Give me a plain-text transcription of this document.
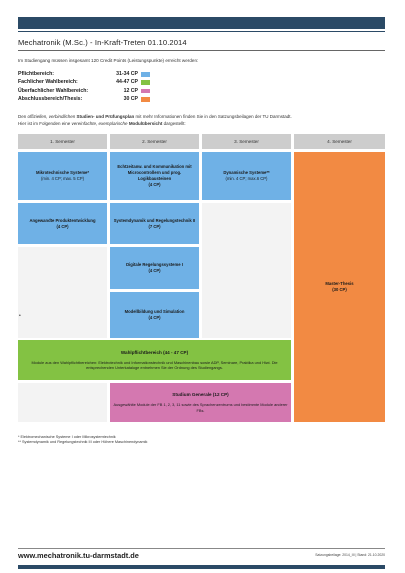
Mechatronik (M.Sc.) - In-Kraft-Treten 01.10.2014
Im Studiengang müssen insgesamt 120 Credit Points (Leistungspunkte) erreicht werden:
Pflichtbereich:	31-34 CP
Fachlicher Wahlbereich:	44-47 CP
Überfachlicher Wahlbereich:	12 CP
Abschlussbereich/Thesis:	30 CP
Den offiziellen, verbindlichen Studien- und Prüfungsplan mit mehr Informationen finden Sie in den Satzungsbeilagen der TU Darmstadt.
Hier ist im Folgenden eine vereinfachte, exemplarische Modulübersicht dargestellt:
1. Semester	2. Semester	3. Semester	4. Semester
Mikrotechnische Systeme*
(min. 4 CP; max. 5 CP)
Echtzeitanw. und Kommunikation mit Microcontrollern und prog. Logikbausteinen
(4 CP)
Dynamische Systeme**
(min. 4 CP; max.6 CP)
Master-Thesis
(30 CP)
Angewandte Produktentwicklung
(4 CP)
Systemdynamik und Regelungstechnik II
(7 CP)
Digitale Regelungssysteme I
(4 CP)
Modellbildung und Simulation
(4 CP)
Wahlpflichtbereich (44 - 47 CP)
Module aus den Wahlpflichtbereichen: Elektrotechnik und Informationstechnik und Maschinenbau sowie ADP, Seminare, Praktika und Hiwi. Die entsprechenden Unterkataloge entnehmen Sie der Ordnung des Studiengangs.
Studium Generale (12 CP)
Ausgewählte Module der FB 1, 2, 3, 11 sowie des Sprachenzentrums und bestimmte Module anderer FBs.
•
* Elektromechanische Systeme I oder Mikrosystemtechnik
** Systemdynamik und Regelungstechnik III oder Höhere Maschinendynamik
www.mechatronik.tu-darmstadt.de	Satzungsbeilage: 2014_III | Stand: 21.10.2020
